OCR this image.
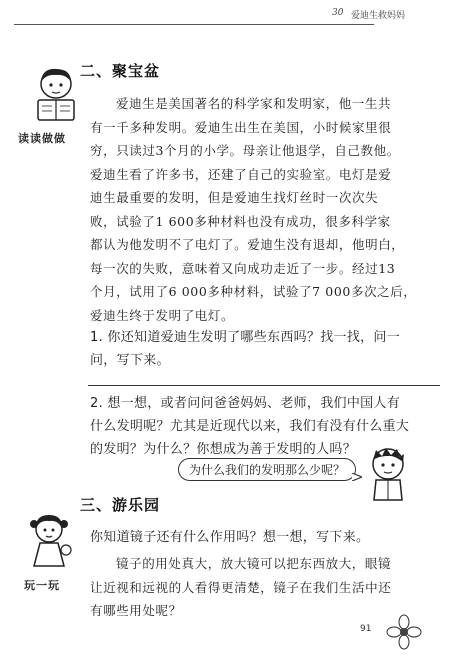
30 爱迪生救妈妈
二、聚宝盆
读读做做
爱迪生是美国著名的科学家和发明家，他一生共
有一千多种发明。爱迪生出生在美国，小时候家里很
穷，只读过3个月的小学。母亲让他退学，自己教他。
爱迪生看了许多书，还建了自己的实验室。电灯是爱
迪生最重要的发明，但是爱迪生找灯丝时一次次失
败，试验了1 600多种材料也没有成功，很多科学家
都认为他发明不了电灯了。爱迪生没有退却，他明白，
每一次的失败，意味着又向成功走近了一步。经过13
个月，试用了6 000多种材料，试验了7 000多次之后，
爱迪生终于发明了电灯。
1. 你还知道爱迪生发明了哪些东西吗？找一找，问一
问，写下来。
2. 想一想，或者问问爸爸妈妈、老师，我们中国人有
什么发明呢？尤其是近现代以来，我们有没有什么重大
的发明？为什么？你想成为善于发明的人吗？
为什么我们的发明那么少呢？
三、游乐园
玩一玩
你知道镜子还有什么作用吗？想一想，写下来。
镜子的用处真大，放大镜可以把东西放大，眼镜
让近视和远视的人看得更清楚，镜子在我们生活中还
有哪些用处呢？
91
